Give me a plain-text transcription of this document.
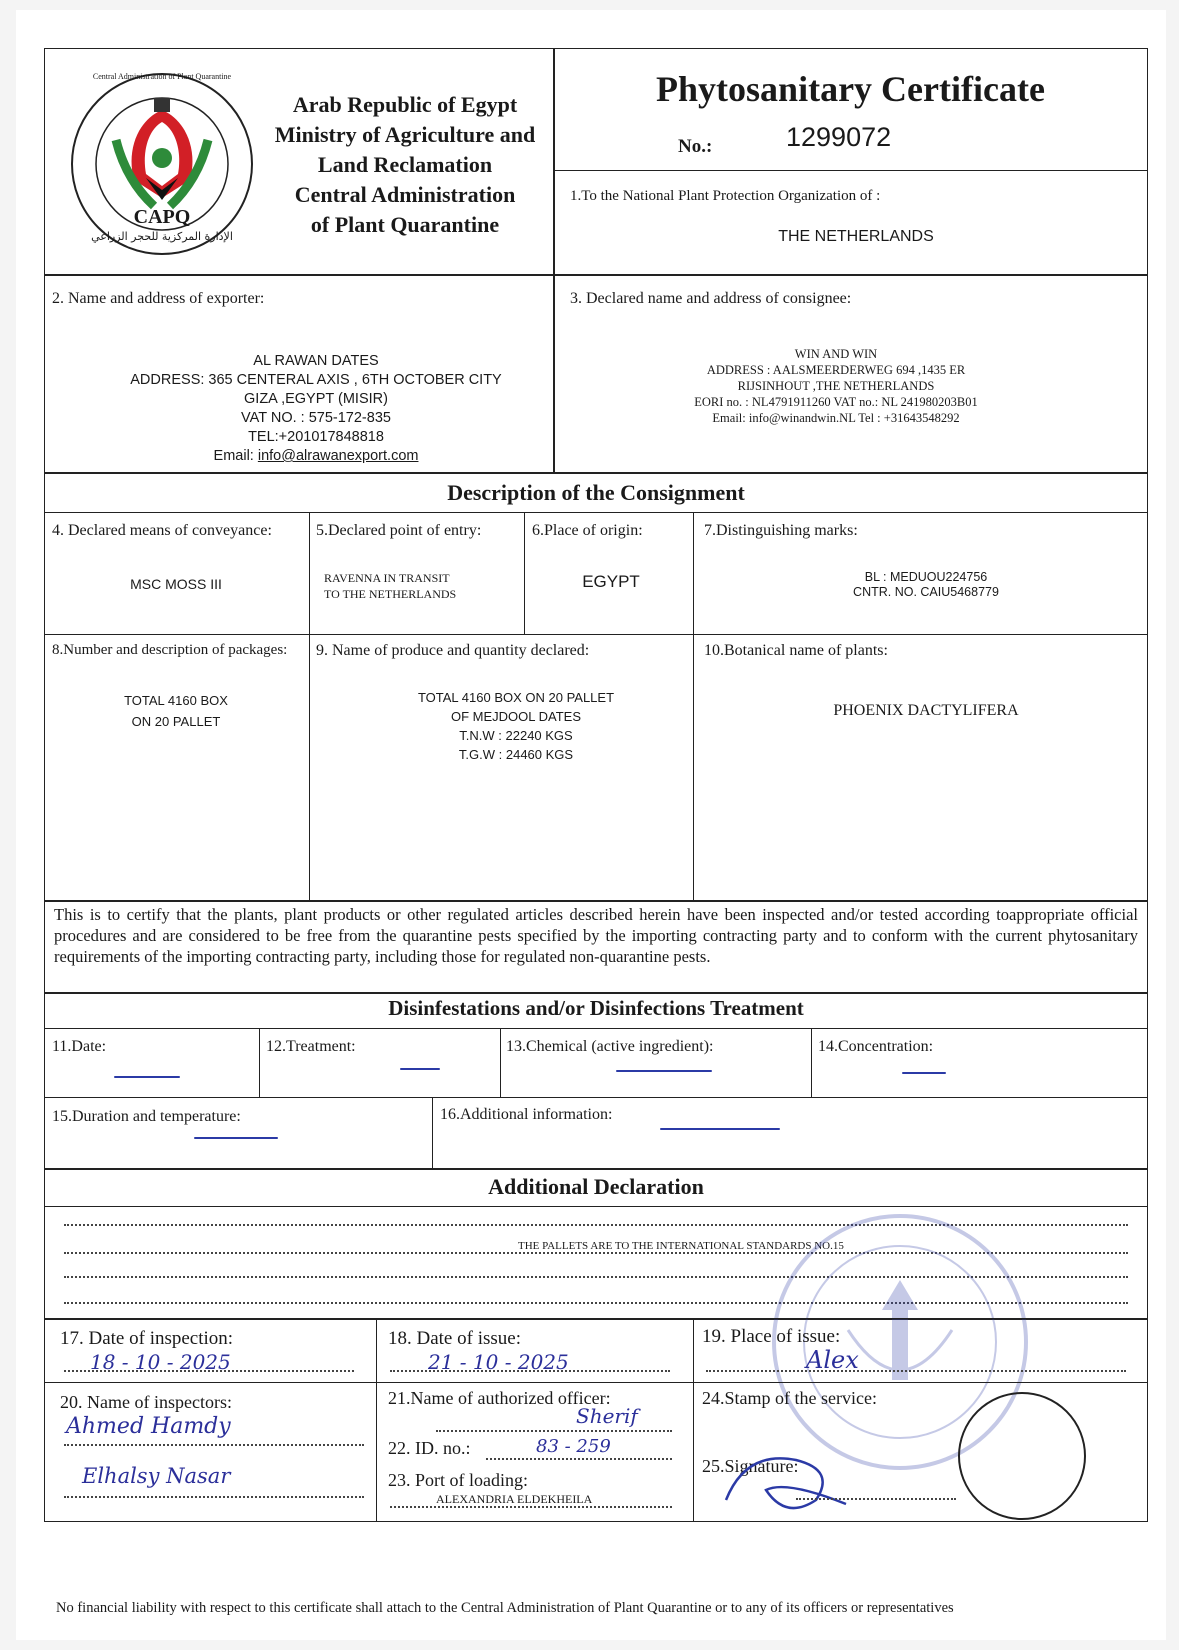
Central Administration of Plant Quarantine
CAPQ
الإدارة المركزية للحجر الزراعي
Arab Republic of Egypt
Ministry of Agriculture and
Land Reclamation
Central Administration
of Plant Quarantine
Phytosanitary Certificate
No.:	1299072
1.To the National Plant Protection Organization of :
THE NETHERLANDS
2. Name and address of exporter:
AL RAWAN DATES
ADDRESS: 365 CENTERAL AXIS , 6TH OCTOBER CITY
GIZA ,EGYPT (MISIR)
VAT NO. : 575-172-835
TEL:+201017848818
Email: info@alrawanexport.com
3. Declared name and address of consignee:
WIN AND WIN
ADDRESS : AALSMEERDERWEG 694 ,1435 ER
RIJSINHOUT ,THE NETHERLANDS
EORI no. : NL4791911260 VAT no.: NL 241980203B01
Email: info@winandwin.NL Tel : +31643548292
Description of the Consignment
4. Declared means of conveyance:
MSC MOSS III
5.Declared point of entry:
RAVENNA IN TRANSIT
TO THE NETHERLANDS
6.Place of origin:
EGYPT
7.Distinguishing marks:
BL : MEDUOU224756
CNTR. NO. CAIU5468779
8.Number and description of packages:
TOTAL 4160 BOX
ON 20 PALLET
9. Name of produce and quantity declared:
TOTAL 4160 BOX ON 20 PALLET
OF MEJDOOL DATES
T.N.W : 22240 KGS
T.G.W : 24460 KGS
10.Botanical name of plants:
PHOENIX DACTYLIFERA
This is to certify that the plants, plant products or other regulated articles described herein have been inspected and/or tested according toappropriate official procedures and are considered to be free from the quarantine pests specified by the importing contracting party and to conform with the current phytosanitary requirements of the importing contracting party, including those for regulated non-quarantine pests.
Disinfestations and/or Disinfections Treatment
11.Date:	12.Treatment:	13.Chemical (active ingredient):	14.Concentration:
15.Duration and temperature:	16.Additional information:
Additional Declaration
THE PALLETS ARE TO THE INTERNATIONAL STANDARDS NO.15
17. Date of inspection:
18 - 10 - 2025
18. Date of issue:
21 - 10 - 2025
19. Place of issue:
Alex
20. Name of inspectors:
Ahmed Hamdy
Elhalsy Nasar
21.Name of authorized officer:
Sherif
22. ID. no.:	83 - 259
23. Port of loading:
ALEXANDRIA ELDEKHEILA
24.Stamp of the service:
25.Signature:
No financial liability with respect to this certificate shall attach to the Central Administration of Plant Quarantine or to any of its officers or representatives
